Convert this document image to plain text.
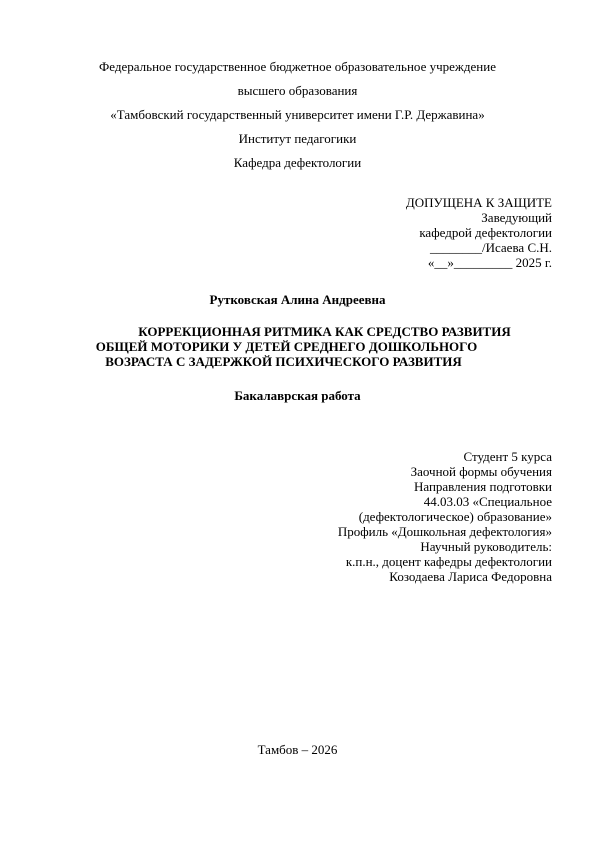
Федеральное государственное бюджетное образовательное учреждение
высшего образования
«Тамбовский государственный университет имени Г.Р. Державина»
Институт педагогики
Кафедра дефектологии
ДОПУЩЕНА К ЗАЩИТЕ
Заведующий
кафедрой дефектологии
________/Исаева С.Н.
«__»_________ 2025 г.
Рутковская Алина Андреевна
КОРРЕКЦИОННАЯ РИТМИКА КАК СРЕДСТВО РАЗВИТИЯ
ОБЩЕЙ МОТОРИКИ У ДЕТЕЙ СРЕДНЕГО ДОШКОЛЬНОГО
ВОЗРАСТА С ЗАДЕРЖКОЙ ПСИХИЧЕСКОГО РАЗВИТИЯ
Бакалаврская работа
Студент 5 курса
Заочной формы обучения
Направления подготовки
44.03.03 «Специальное
(дефектологическое) образование»
Профиль «Дошкольная дефектология»
Научный руководитель:
к.п.н., доцент кафедры дефектологии
Козодаева Лариса Федоровна
Тамбов – 2026
